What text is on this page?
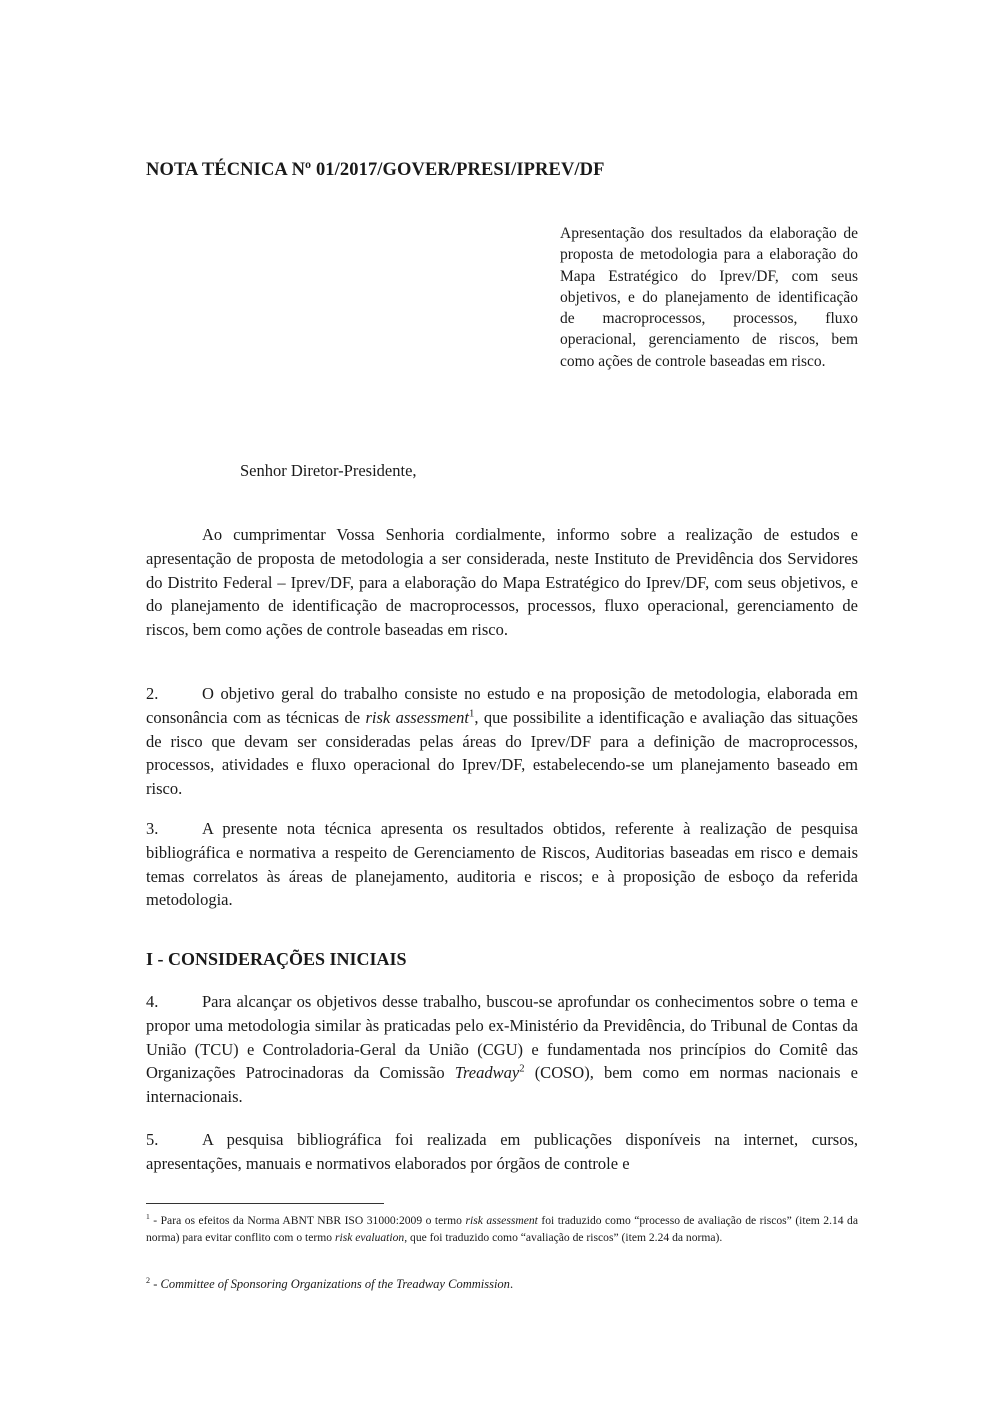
NOTA TÉCNICA Nº 01/2017/GOVER/PRESI/IPREV/DF
Apresentação dos resultados da elaboração de proposta de metodologia para a elaboração do Mapa Estratégico do Iprev/DF, com seus objetivos, e do planejamento de identificação de macroprocessos, processos, fluxo operacional, gerenciamento de riscos, bem como ações de controle baseadas em risco.
Senhor Diretor-Presidente,
Ao cumprimentar Vossa Senhoria cordialmente, informo sobre a realização de estudos e apresentação de proposta de metodologia a ser considerada, neste Instituto de Previdência dos Servidores do Distrito Federal – Iprev/DF, para a elaboração do Mapa Estratégico do Iprev/DF, com seus objetivos, e do planejamento de identificação de macroprocessos, processos, fluxo operacional, gerenciamento de riscos, bem como ações de controle baseadas em risco.
2.	O objetivo geral do trabalho consiste no estudo e na proposição de metodologia, elaborada em consonância com as técnicas de risk assessment$^1$, que possibilite a identificação e avaliação das situações de risco que devam ser consideradas pelas áreas do Iprev/DF para a definição de macroprocessos, processos, atividades e fluxo operacional do Iprev/DF, estabelecendo-se um planejamento baseado em risco.
3.	A presente nota técnica apresenta os resultados obtidos, referente à realização de pesquisa bibliográfica e normativa a respeito de Gerenciamento de Riscos, Auditorias baseadas em risco e demais temas correlatos às áreas de planejamento, auditoria e riscos; e à proposição de esboço da referida metodologia.
I - CONSIDERAÇÕES INICIAIS
4.	Para alcançar os objetivos desse trabalho, buscou-se aprofundar os conhecimentos sobre o tema e propor uma metodologia similar às praticadas pelo ex-Ministério da Previdência, do Tribunal de Contas da União (TCU) e Controladoria-Geral da União (CGU) e fundamentada nos princípios do Comitê das Organizações Patrocinadoras da Comissão Treadway$^2$ (COSO), bem como em normas nacionais e internacionais.
5.	A pesquisa bibliográfica foi realizada em publicações disponíveis na internet, cursos, apresentações, manuais e normativos elaborados por órgãos de controle e
$^1$ - Para os efeitos da Norma ABNT NBR ISO 31000:2009 o termo risk assessment foi traduzido como “processo de avaliação de riscos” (item 2.14 da norma) para evitar conflito com o termo risk evaluation, que foi traduzido como “avaliação de riscos” (item 2.24 da norma).
$^2$ - Committee of Sponsoring Organizations of the Treadway Commission.
